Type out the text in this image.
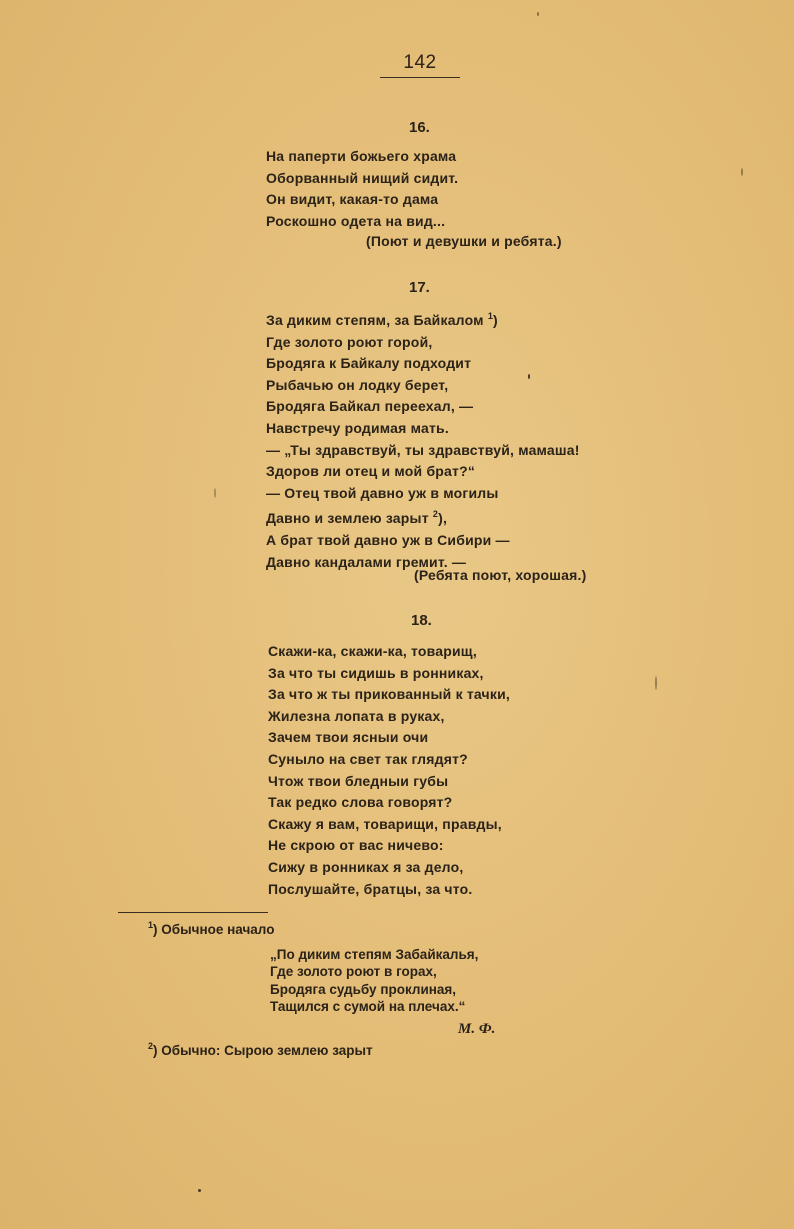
142
16.
На паперти божьего храма
Оборванный нищий сидит.
Он видит, какая-то дама
Роскошно одета на вид...
(Поют и девушки и ребята.)
17.
За диким степям, за Байкалом $^1$)
Где золото роют горой,
Бродяга к Байкалу подходит
Рыбачью он лодку берет,
Бродяга Байкал переехал, —
Навстречу родимая мать.
— „Ты здравствуй, ты здравствуй, мамаша!
Здоров ли отец и мой брат?“
— Отец твой давно уж в могилы
Давно и землею зарыт $^2$),
А брат твой давно уж в Сибири —
Давно кандалами гремит. —
(Ребята поют, хорошая.)
18.
Скажи-ка, скажи-ка, товарищ,
За что ты сидишь в ронниках,
За что ж ты прикованный к тачки,
Жилезна лопата в руках,
Зачем твои ясныи очи
Суныло на свет так глядят?
Чтож твои бледныи губы
Так редко слова говорят?
Скажу я вам, товарищи, правды,
Не скрою от вас ничево:
Сижу в ронниках я за дело,
Послушайте, братцы, за что.
$^1$) Обычное начало
„По диким степям Забайкалья,
Где золото роют в горах,
Бродяга судьбу проклиная,
Тащился с сумой на плечах.“
М. Ф.
$^2$) Обычно: Сырою землею зарыт
